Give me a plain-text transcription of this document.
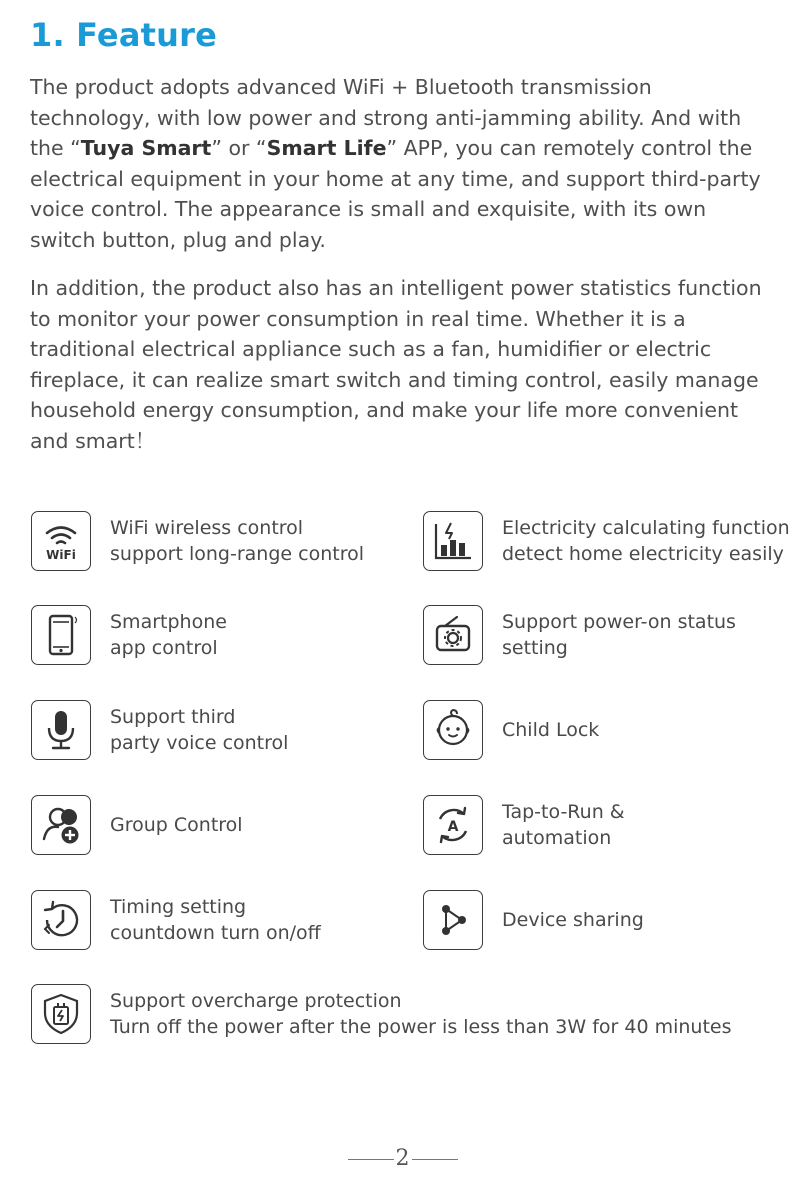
1. Feature
The product adopts advanced WiFi + Bluetooth transmission technology, with low power and strong anti-jamming ability. And with the “Tuya Smart” or “Smart Life” APP, you can remotely control the electrical equipment in your home at any time, and support third-party voice control. The appearance is small and exquisite, with its own switch button, plug and play.
In addition, the product also has an intelligent power statistics function to monitor your power consumption in real time. Whether it is a traditional electrical appliance such as a fan, humidifier or electric fireplace, it can realize smart switch and timing control, easily manage household energy consumption, and make your life more convenient and smart！
WiFi
WiFi wireless control
support long-range control
Electricity calculating function
detect home electricity easily
Smartphone
app control
Support power-on status
setting
Support third
party voice control
Child Lock
Group Control	A
Tap-to-Run &
automation
Timing setting
countdown turn on/off
Device sharing
Support overcharge protection
Turn off the power after the power is less than 3W for 40 minutes
2
